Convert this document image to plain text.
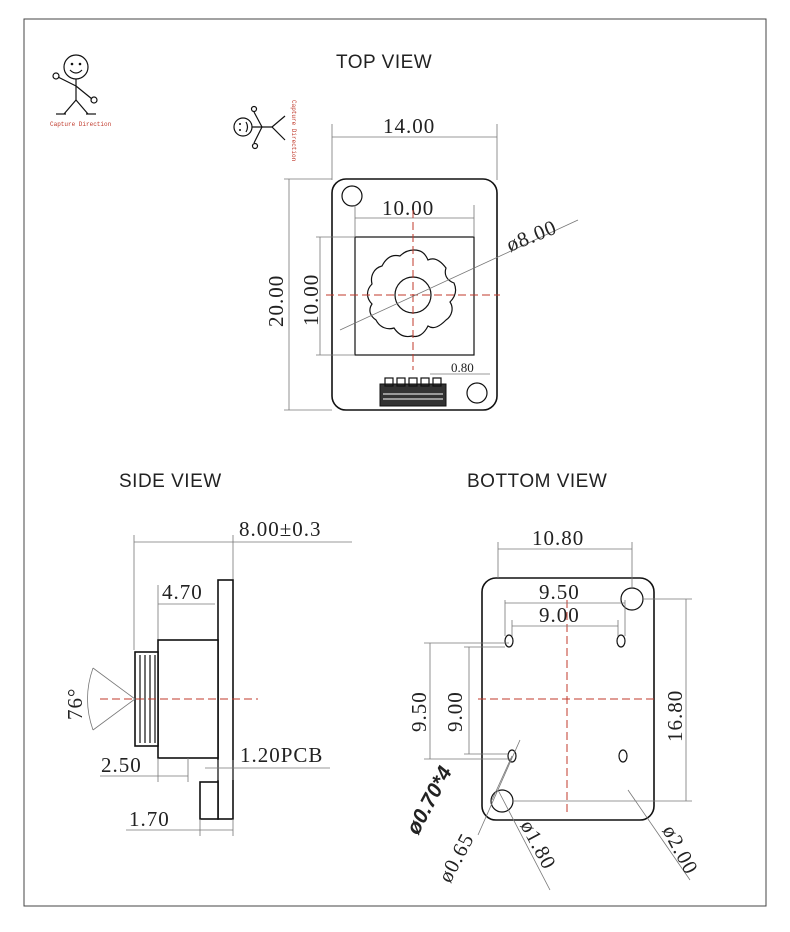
Capture Direction
TOP VIEW
Capture Direction	14.00
20.00
10.00
10.00
ø8.00
0.80
SIDE VIEW
8.00±0.3
4.70
76°
2.50	1.20PCB
1.70
BOTTOM VIEW
10.80
9.50
9.00
9.50 9.00	16.80
ø0.70*4
ø0.65 ø1.80	ø2.00
